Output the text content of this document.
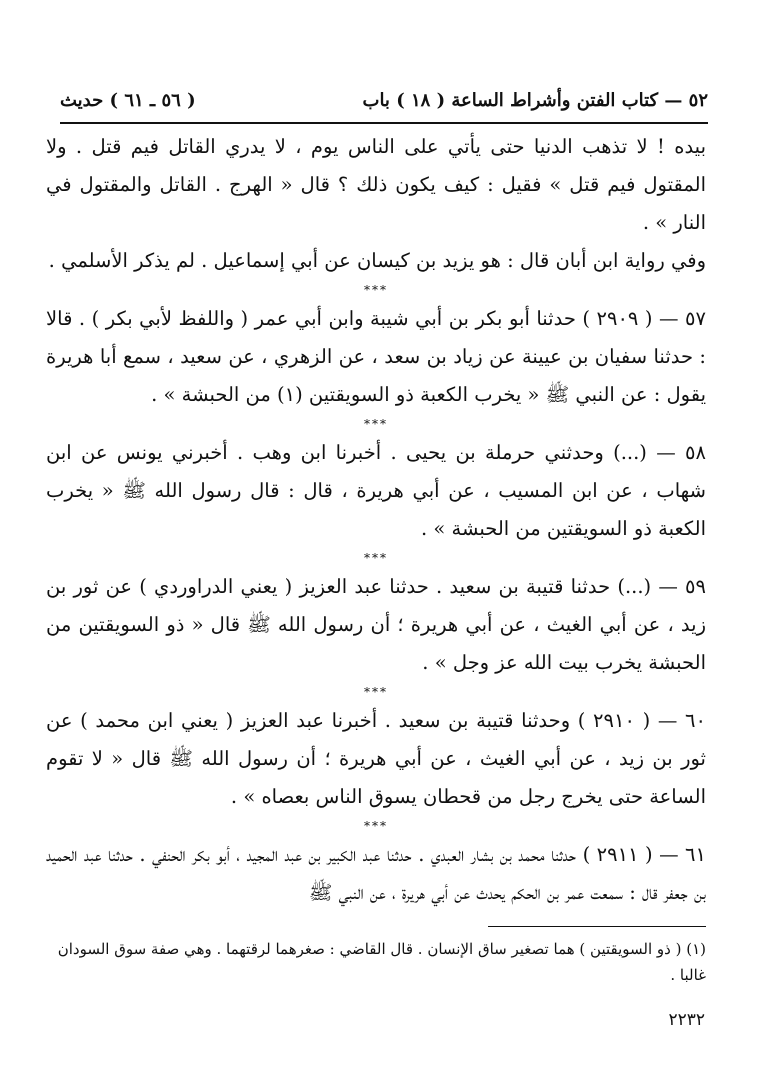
٥٢ — كتاب الفتن وأشراط الساعة ( ١٨ ) باب
( ٥٦ ـ ٦١ ) حديث

بيده ! لا تذهب الدنيا حتى يأتي على الناس يوم ، لا يدري القاتل فيم قتل . ولا المقتول فيم قتل » فقيل : كيف يكون ذلك ؟ قال « الهرج . القاتل والمقتول في النار » .

وفي رواية ابن أبان قال : هو يزيد بن كيسان عن أبي إسماعيل . لم يذكر الأسلمي .

***

٥٧ — ( ٢٩٠٩ ) حدثنا أبو بكر بن أبي شيبة وابن أبي عمر ( واللفظ لأبي بكر ) . قالا : حدثنا سفيان بن عيينة عن زياد بن سعد ، عن الزهري ، عن سعيد ، سمع أبا هريرة يقول : عن النبي ﷺ « يخرب الكعبة ذو السويقتين (١) من الحبشة » .

***

٥٨ — (...) وحدثني حرملة بن يحيى . أخبرنا ابن وهب . أخبرني يونس عن ابن شهاب ، عن ابن المسيب ، عن أبي هريرة ، قال : قال رسول الله ﷺ « يخرب الكعبة ذو السويقتين من الحبشة » .

***

٥٩ — (...) حدثنا قتيبة بن سعيد . حدثنا عبد العزيز ( يعني الدراوردي ) عن ثور بن زيد ، عن أبي الغيث ، عن أبي هريرة ؛ أن رسول الله ﷺ قال « ذو السويقتين من الحبشة يخرب بيت الله عز وجل » .

***

٦٠ — ( ٢٩١٠ ) وحدثنا قتيبة بن سعيد . أخبرنا عبد العزيز ( يعني ابن محمد ) عن ثور بن زيد ، عن أبي الغيث ، عن أبي هريرة ؛ أن رسول الله ﷺ قال « لا تقوم الساعة حتى يخرج رجل من قحطان يسوق الناس بعصاه » .

***

٦١ — ( ٢٩١١ ) حدثنا محمد بن بشار العبدي . حدثنا عبد الكبير بن عبد المجيد ، أبو بكر الحنفي . حدثنا عبد الحميد بن جعفر قال : سمعت عمر بن الحكم يحدث عن أبي هريرة ، عن النبي ﷺ

(١) ( ذو السويقتين ) هما تصغير ساق الإنسان . قال القاضي : صغرهما لرقتهما . وهي صفة سوق السودان غالبا .
٢٢٣٢
